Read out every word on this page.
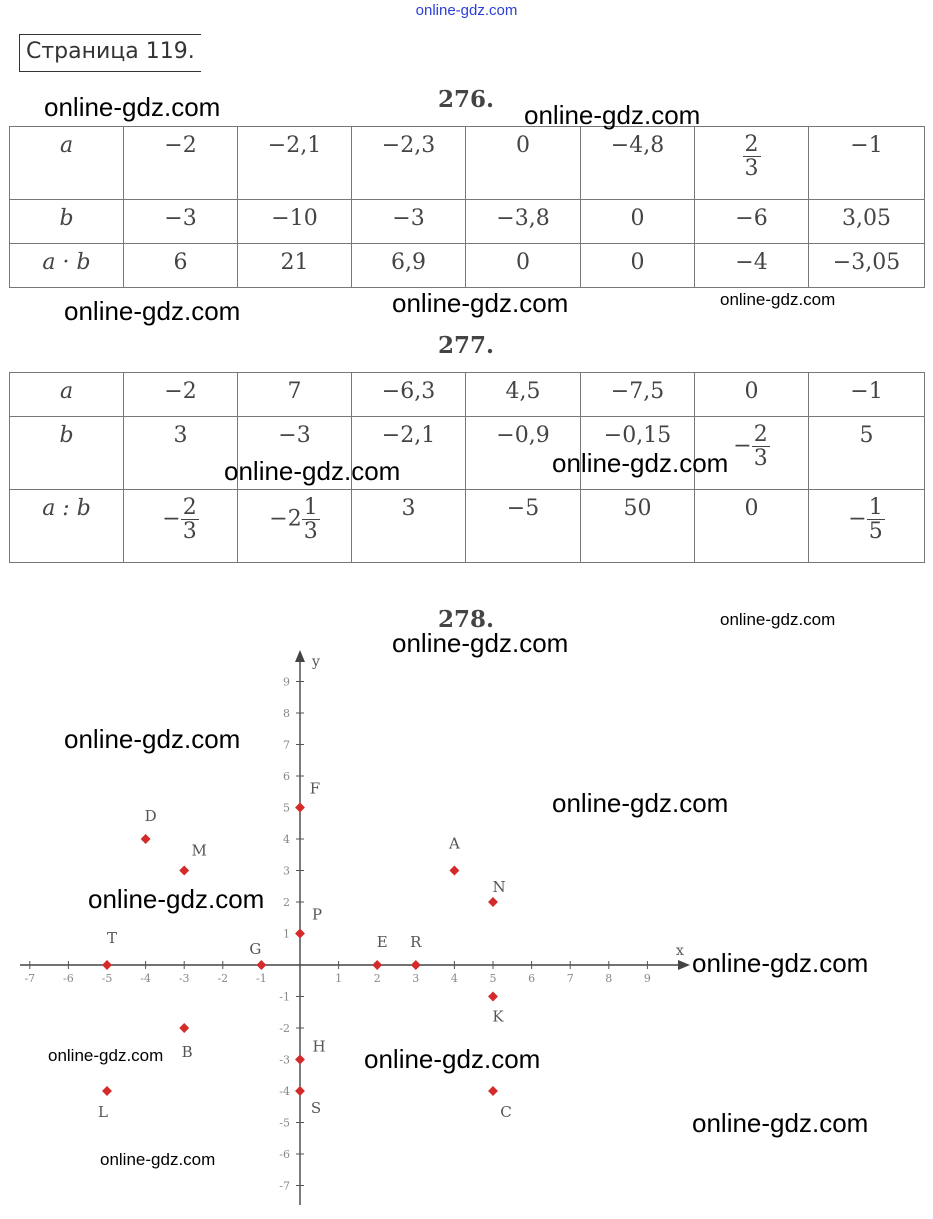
online-gdz.com
Страница 119.
276.
a	−2	−2,1	−2,3	0	−4,8	$\frac{2}{3}$	−1
b	−3	−10	−3	−3,8	0	−6	3,05
a · b	6	21	6,9	0	0	−4	−3,05
277.
a	−2	7	−6,3	4,5	−7,5	0	−1
b	3	−3	−2,1	−0,9	−0,15	− $\frac{2}{3}$	5
a : b	− $\frac{2}{3}$	$-2 \frac{1}{3}$	3	−5	50	0	− $\frac{1}{5}$
278.
x
y
-7	-6	-5	-4	-3	-2	-1	1	2	3	4	5	6	7	8	9
-7
-6
-5
-4
-3
-2
-1
1
2
3
4
5
6
7
8
9
D
M
F
A
N
P
T
G	E R
K
B	H
S
L	C
online-gdz.com	online-gdz.com
online-gdz.com	online-gdz.com	online-gdz.com
online-gdz.com	online-gdz.com
online-gdz.com
online-gdz.com
online-gdz.com
online-gdz.com
online-gdz.com
online-gdz.com
online-gdz.com	online-gdz.com
online-gdz.com
online-gdz.com
